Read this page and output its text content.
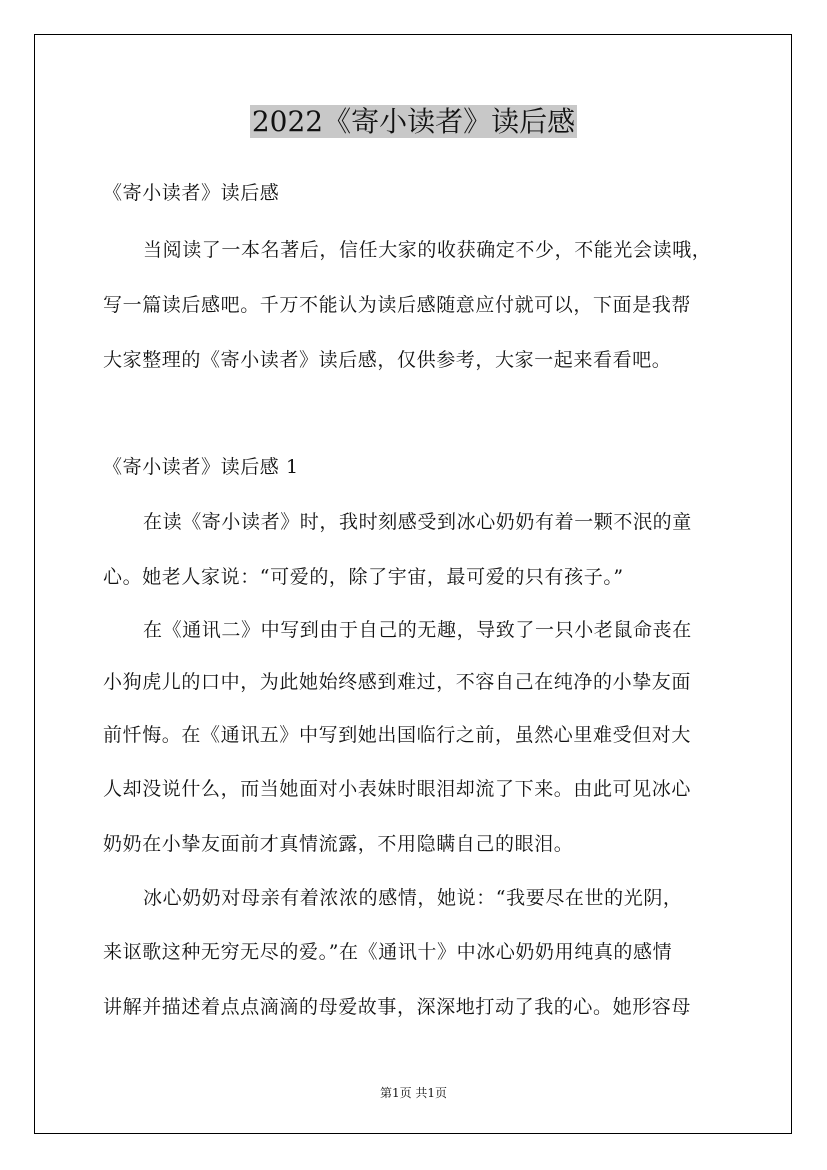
2022《寄小读者》读后感
《寄小读者》读后感
当阅读了一本名著后，信任大家的收获确定不少，不能光会读哦，
写一篇读后感吧。千万不能认为读后感随意应付就可以，下面是我帮
大家整理的《寄小读者》读后感，仅供参考，大家一起来看看吧。
《寄小读者》读后感 1
在读《寄小读者》时，我时刻感受到冰心奶奶有着一颗不泯的童
心。她老人家说：“可爱的，除了宇宙，最可爱的只有孩子。”
在《通讯二》中写到由于自己的无趣，导致了一只小老鼠命丧在
小狗虎儿的口中，为此她始终感到难过，不容自己在纯净的小挚友面
前忏悔。在《通讯五》中写到她出国临行之前，虽然心里难受但对大
人却没说什么，而当她面对小表妹时眼泪却流了下来。由此可见冰心
奶奶在小挚友面前才真情流露，不用隐瞒自己的眼泪。
冰心奶奶对母亲有着浓浓的感情，她说：“我要尽在世的光阴，
来讴歌这种无穷无尽的爱。”在《通讯十》中冰心奶奶用纯真的感情
讲解并描述着点点滴滴的母爱故事，深深地打动了我的心。她形容母
第1页 共1页
